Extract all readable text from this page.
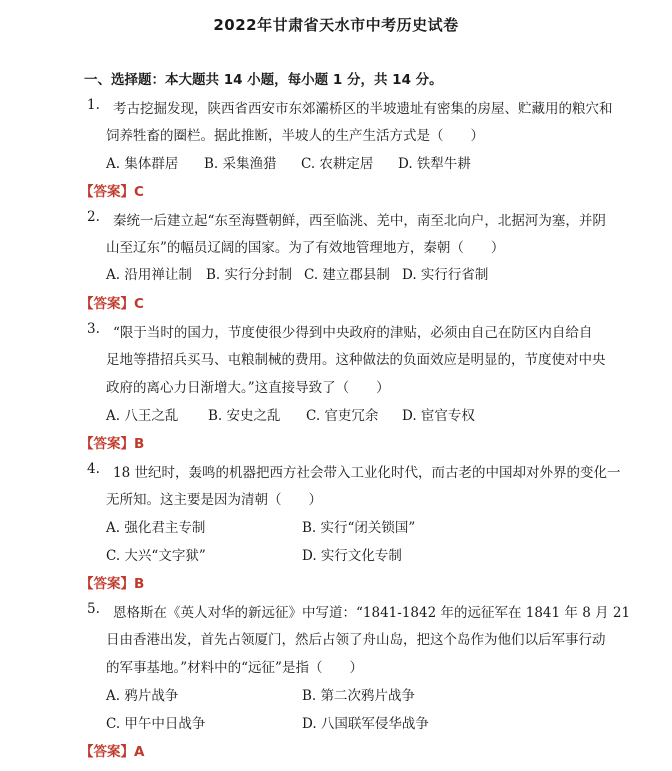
2022年甘肃省天水市中考历史试卷
一、选择题：本大题共 14 小题，每小题 1 分，共 14 分。
1. 考古挖掘发现，陕西省西安市东郊灞桥区的半坡遗址有密集的房屋、贮藏用的粮穴和
饲养牲畜的圈栏。据此推断，半坡人的生产生活方式是（　　）
A. 集体群居 B. 采集渔猎 C. 农耕定居 D. 铁犁牛耕
【答案】C
2. 秦统一后建立起“东至海暨朝鲜，西至临洮、羌中，南至北向户，北据河为塞，并阴
山至辽东”的幅员辽阔的国家。为了有效地管理地方，秦朝（　　）
A. 沿用禅让制 B. 实行分封制 C. 建立郡县制 D. 实行行省制
【答案】C
3. “限于当时的国力，节度使很少得到中央政府的津贴，必须由自己在防区内自给自
足地等措招兵买马、屯粮制械的费用。这种做法的负面效应是明显的，节度使对中央
政府的离心力日渐增大。”这直接导致了（　　）
A. 八王之乱 B. 安史之乱 C. 官吏冗余 D. 宦官专权
【答案】B
4. 18 世纪时，轰鸣的机器把西方社会带入工业化时代，而古老的中国却对外界的变化一
无所知。这主要是因为清朝（　　）
A. 强化君主专制	B. 实行“闭关锁国”
C. 大兴“文字狱”	D. 实行文化专制
【答案】B
5. 恩格斯在《英人对华的新远征》中写道：“1841-1842 年的远征军在 1841 年 8 月 21
日由香港出发，首先占领厦门，然后占领了舟山岛，把这个岛作为他们以后军事行动
的军事基地。”材料中的“远征”是指（　　）
A. 鸦片战争	B. 第二次鸦片战争
C. 甲午中日战争	D. 八国联军侵华战争
【答案】A
